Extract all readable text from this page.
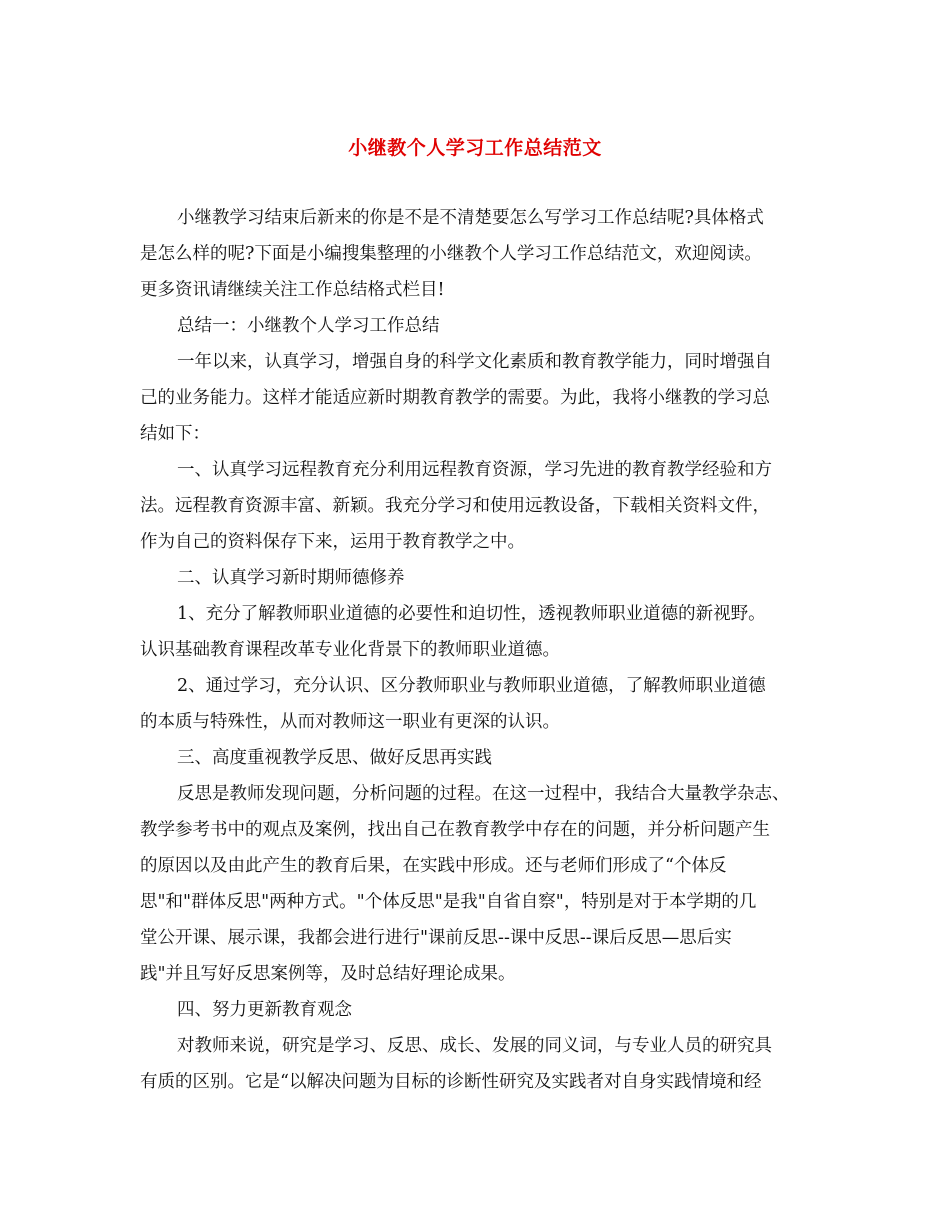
小继教个人学习工作总结范文
小继教学习结束后新来的你是不是不清楚要怎么写学习工作总结呢?具体格式
是怎么样的呢?下面是小编搜集整理的小继教个人学习工作总结范文，欢迎阅读。
更多资讯请继续关注工作总结格式栏目!
总结一：小继教个人学习工作总结
一年以来，认真学习，增强自身的科学文化素质和教育教学能力，同时增强自
己的业务能力。这样才能适应新时期教育教学的需要。为此，我将小继教的学习总
结如下：
一、认真学习远程教育充分利用远程教育资源，学习先进的教育教学经验和方
法。远程教育资源丰富、新颖。我充分学习和使用远教设备，下载相关资料文件，
作为自己的资料保存下来，运用于教育教学之中。
二、认真学习新时期师德修养
1、充分了解教师职业道德的必要性和迫切性，透视教师职业道德的新视野。
认识基础教育课程改革专业化背景下的教师职业道德。
2、通过学习，充分认识、区分教师职业与教师职业道德，了解教师职业道德
的本质与特殊性，从而对教师这一职业有更深的认识。
三、高度重视教学反思、做好反思再实践
反思是教师发现问题，分析问题的过程。在这一过程中，我结合大量教学杂志、
教学参考书中的观点及案例，找出自己在教育教学中存在的问题，并分析问题产生
的原因以及由此产生的教育后果，在实践中形成。还与老师们形成了“个体反
思"和"群体反思"两种方式。"个体反思"是我"自省自察"，特别是对于本学期的几
堂公开课、展示课，我都会进行进行"课前反思--课中反思--课后反思—思后实
践"并且写好反思案例等，及时总结好理论成果。
四、努力更新教育观念
对教师来说，研究是学习、反思、成长、发展的同义词，与专业人员的研究具
有质的区别。它是“以解决问题为目标的诊断性研究及实践者对自身实践情境和经
